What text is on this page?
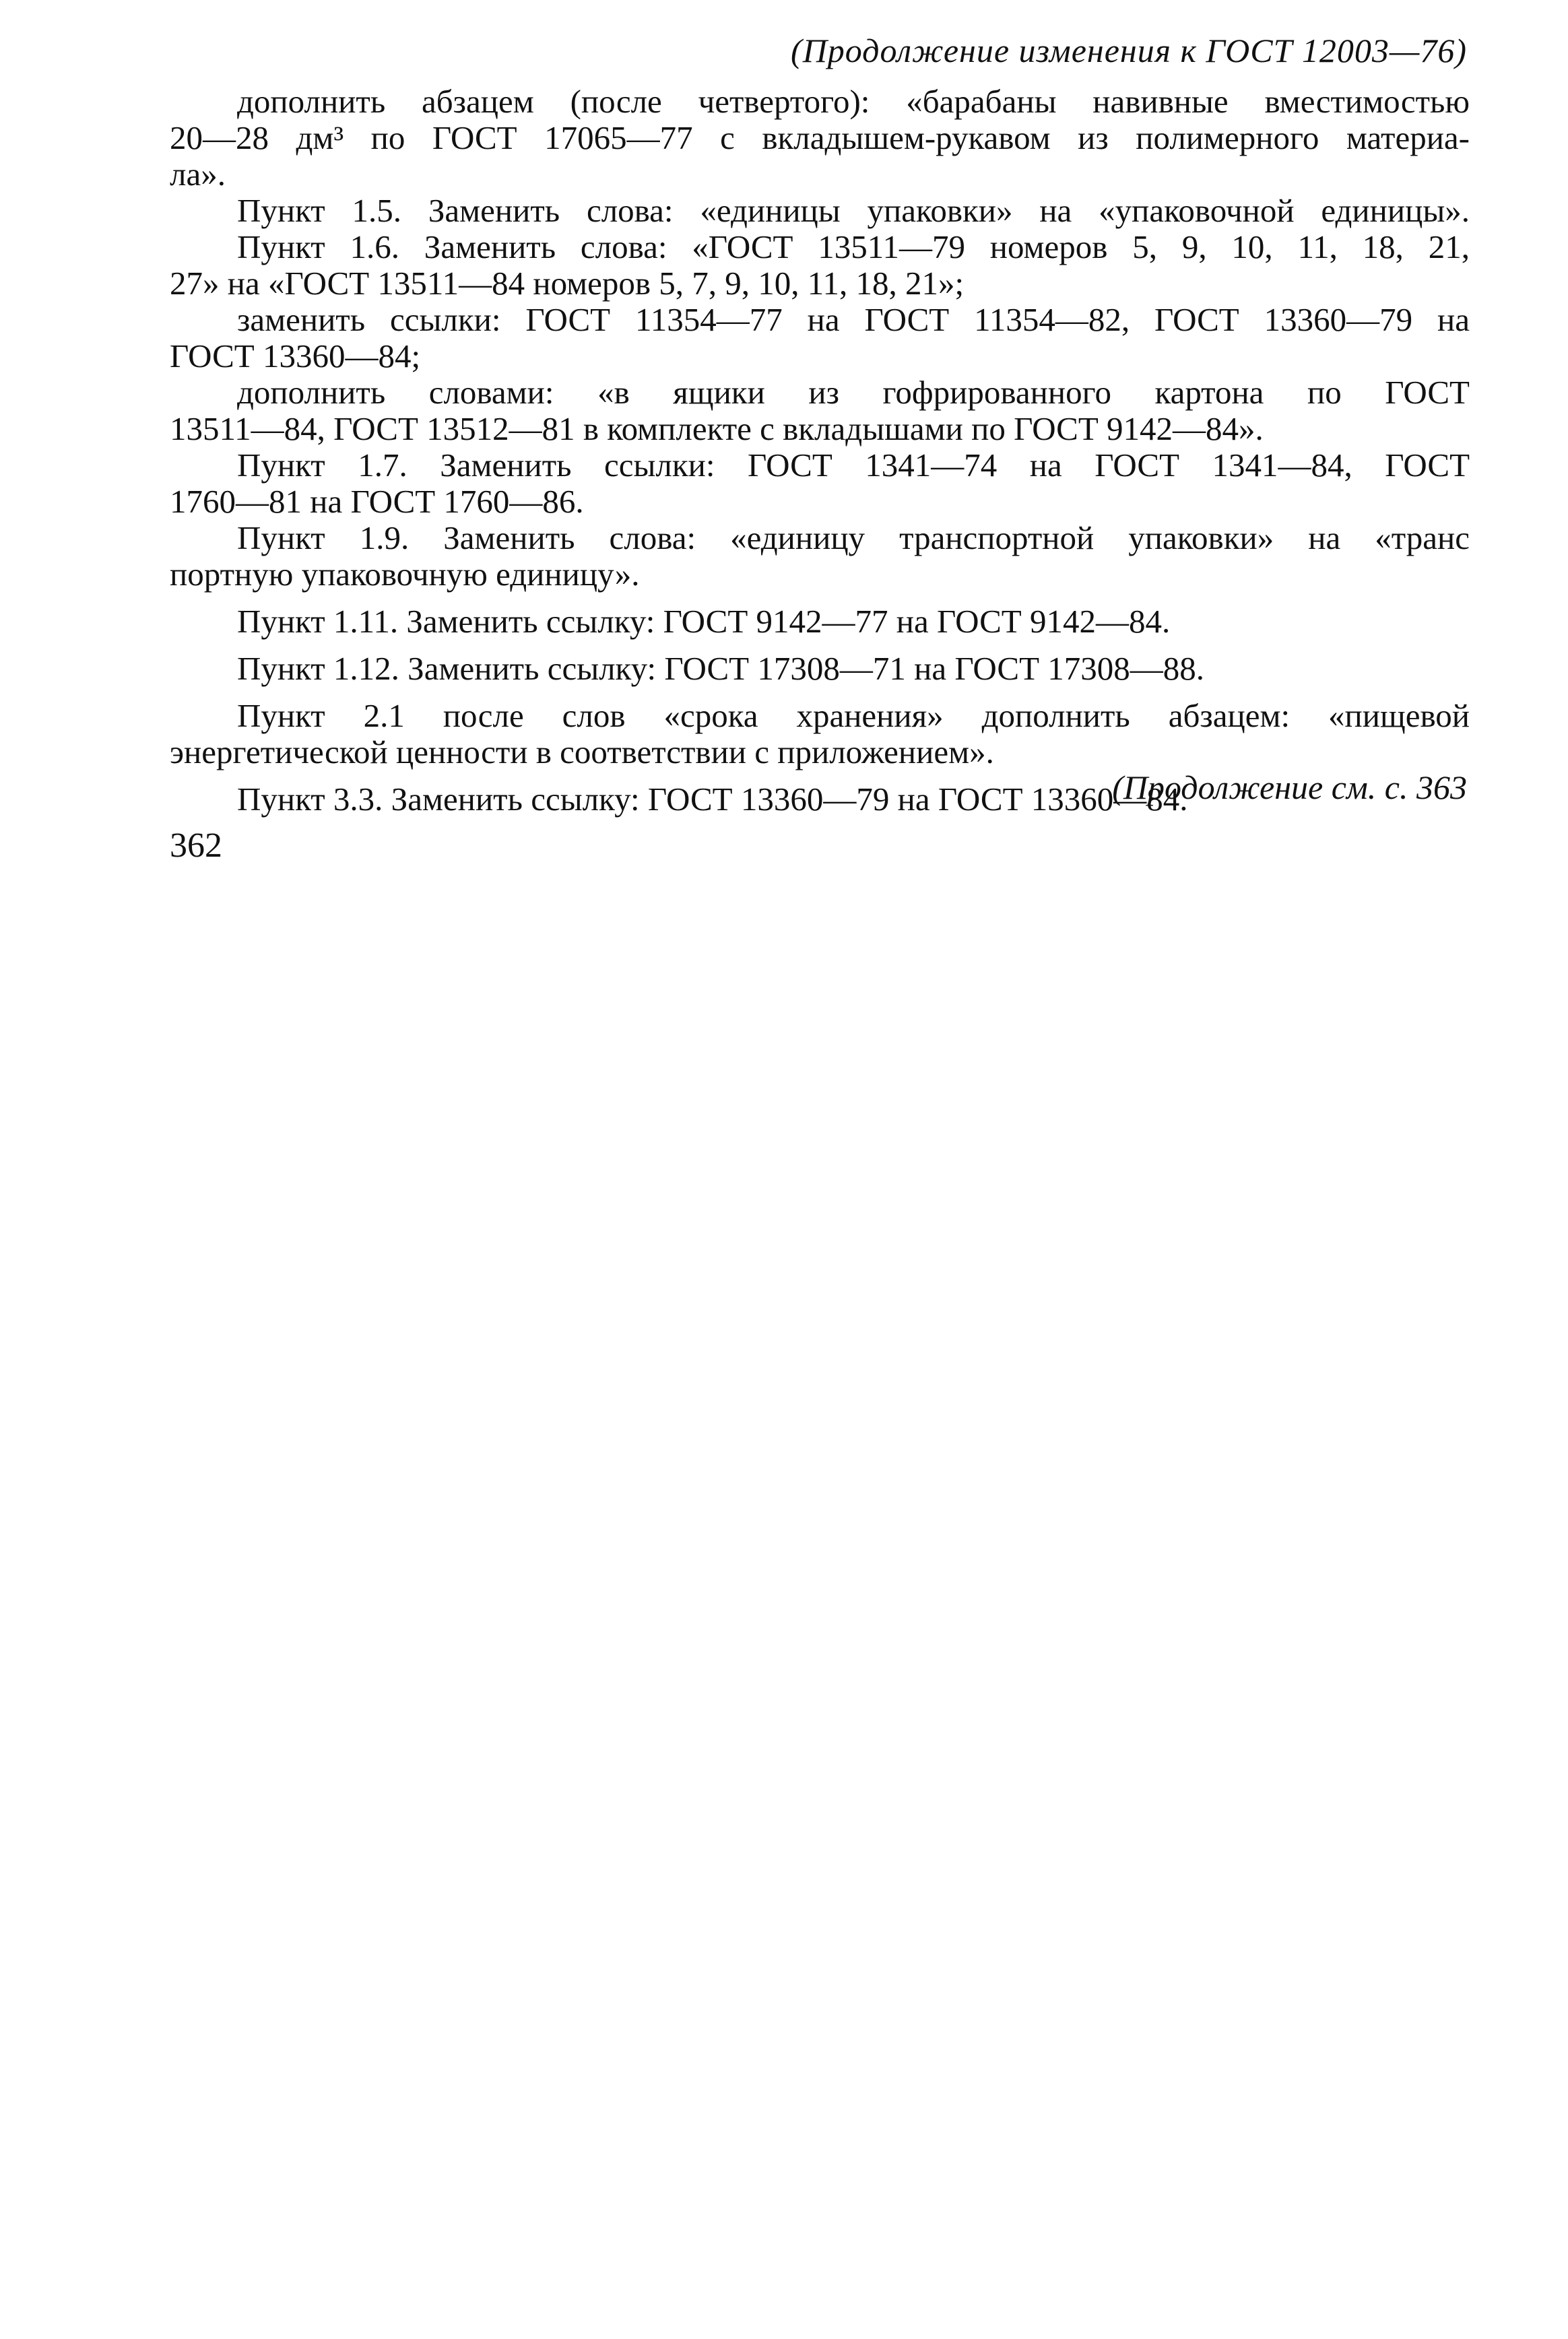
(Продолжение изменения к ГОСТ 12003—76)
дополнить абзацем (после четвертого): «барабаны навивные вместимостью
20—28 дм³ по ГОСТ 17065—77 с вкладышем-рукавом из полимерного материа-
ла».
Пункт 1.5. Заменить слова: «единицы упаковки» на «упаковочной единицы».
Пункт 1.6. Заменить слова: «ГОСТ 13511—79 номеров 5, 9, 10, 11, 18, 21,
27» на «ГОСТ 13511—84 номеров 5, 7, 9, 10, 11, 18, 21»;
заменить ссылки: ГОСТ 11354—77 на ГОСТ 11354—82, ГОСТ 13360—79 на
ГОСТ 13360—84;
дополнить словами: «в ящики из гофрированного картона по ГОСТ
13511—84, ГОСТ 13512—81 в комплекте с вкладышами по ГОСТ 9142—84».
Пункт 1.7. Заменить ссылки: ГОСТ 1341—74 на ГОСТ 1341—84, ГОСТ
1760—81 на ГОСТ 1760—86.
Пункт 1.9. Заменить слова: «единицу транспортной упаковки» на «транс
портную упаковочную единицу».
Пункт 1.11. Заменить ссылку: ГОСТ 9142—77 на ГОСТ 9142—84.
Пункт 1.12. Заменить ссылку: ГОСТ 17308—71 на ГОСТ 17308—88.
Пункт 2.1 после слов «срока хранения» дополнить абзацем: «пищевой
энергетической ценности в соответствии с приложением».
Пункт 3.3. Заменить ссылку: ГОСТ 13360—79 на ГОСТ 13360—84.
(Продолжение см. с. 363
362
